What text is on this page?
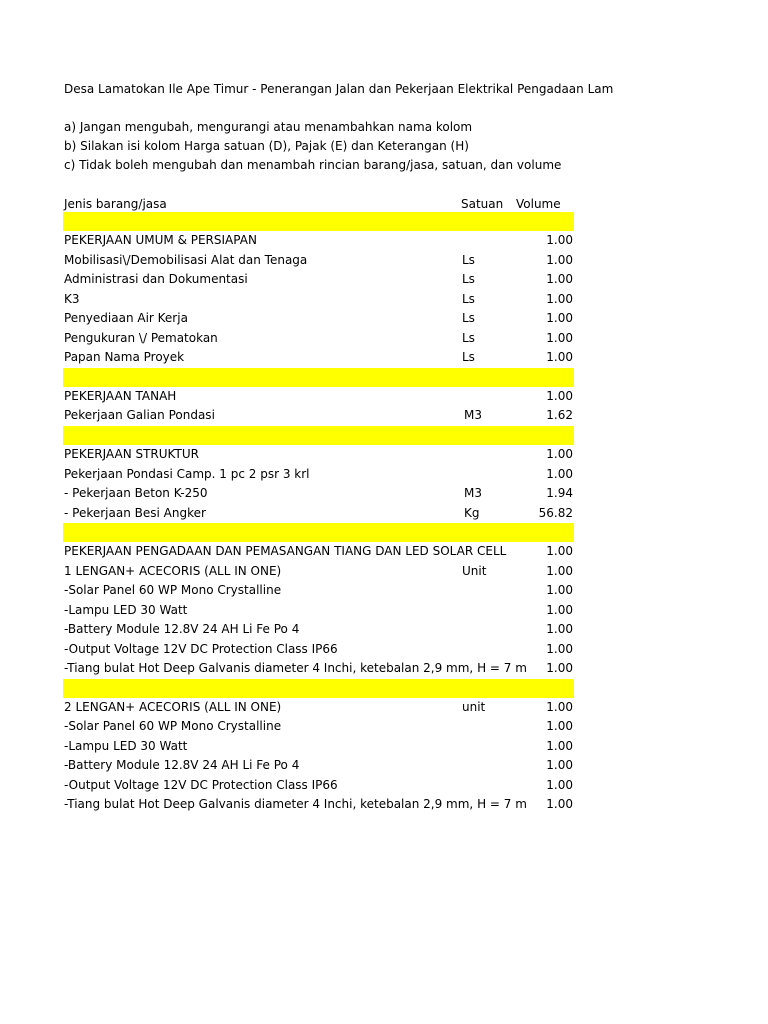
Desa Lamatokan Ile Ape Timur - Penerangan Jalan dan Pekerjaan Elektrikal Pengadaan Lam
a) Jangan mengubah, mengurangi atau menambahkan nama kolom
b) Silakan isi kolom Harga satuan (D), Pajak (E) dan Keterangan (H)
c) Tidak boleh mengubah dan menambah rincian barang/jasa, satuan, dan volume
Jenis barang/jasa	Satuan Volume
PEKERJAAN UMUM & PERSIAPAN	1.00
Mobilisasi\/Demobilisasi Alat dan Tenaga	Ls	1.00
Administrasi dan Dokumentasi	Ls	1.00
K3	Ls	1.00
Penyediaan Air Kerja	Ls	1.00
Pengukuran \/ Pematokan	Ls	1.00
Papan Nama Proyek	Ls	1.00
PEKERJAAN TANAH	1.00
Pekerjaan Galian Pondasi	M3	1.62
PEKERJAAN STRUKTUR	1.00
Pekerjaan Pondasi Camp. 1 pc 2 psr 3 krl	1.00
- Pekerjaan Beton K-250	M3	1.94
- Pekerjaan Besi Angker	Kg	56.82
PEKERJAAN PENGADAAN DAN PEMASANGAN TIANG DAN LED SOLAR CELL	1.00
1 LENGAN+ ACECORIS (ALL IN ONE)	Unit	1.00
-Solar Panel 60 WP Mono Crystalline	1.00
-Lampu LED 30 Watt	1.00
-Battery Module 12.8V 24 AH Li Fe Po 4	1.00
-Output Voltage 12V DC Protection Class IP66	1.00
-Tiang bulat Hot Deep Galvanis diameter 4 Inchi, ketebalan 2,9 mm, H = 7 m 1.00
2 LENGAN+ ACECORIS (ALL IN ONE)	unit	1.00
-Solar Panel 60 WP Mono Crystalline	1.00
-Lampu LED 30 Watt	1.00
-Battery Module 12.8V 24 AH Li Fe Po 4	1.00
-Output Voltage 12V DC Protection Class IP66	1.00
-Tiang bulat Hot Deep Galvanis diameter 4 Inchi, ketebalan 2,9 mm, H = 7 m 1.00
